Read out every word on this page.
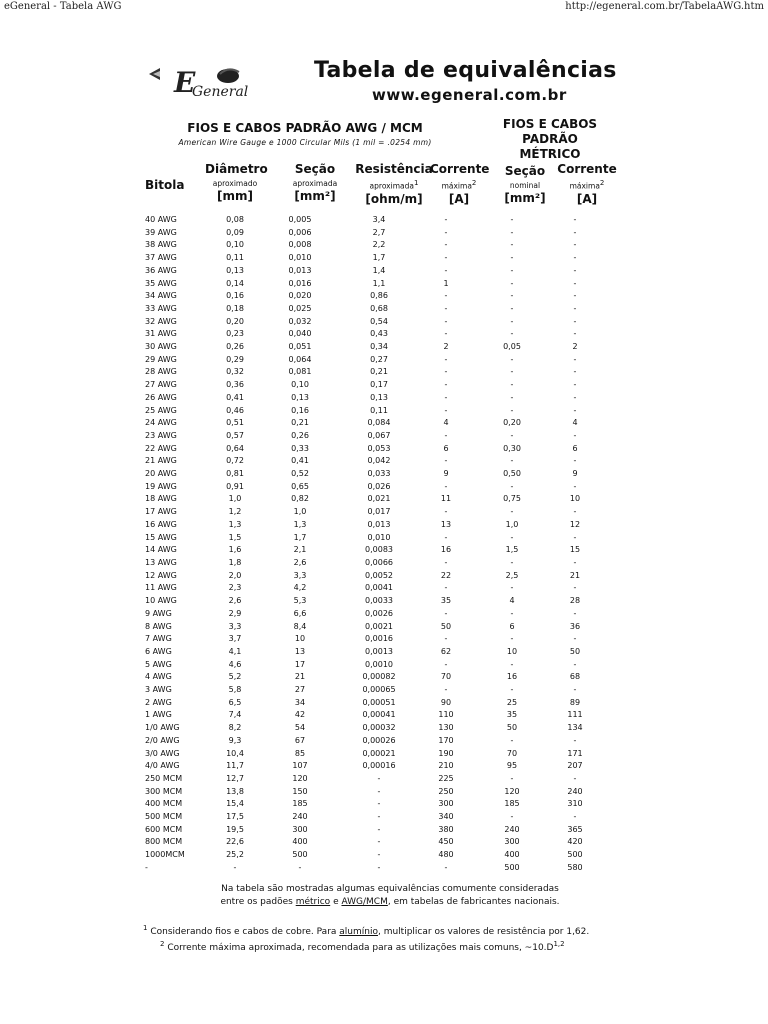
eGeneral - Tabela AWG	http://egeneral.com.br/TabelaAWG.htm
E
General
Tabela de equivalências
www.egeneral.com.br
FIOS E CABOS PADRÃO AWG / MCM
American Wire Gauge e 1000 Circular Mils (1 mil = .0254 mm)
FIOS E CABOS
PADRÃO MÉTRICO
Bitola
Diâmetro
aproximado
[mm]
Seção
aproximada
[mm²]
Resistência
aproximada$^1$
[ohm/m]
Corrente
máxima$^2$
[A]
Seção
nominal
[mm²]
Corrente
máxima$^2$
[A]
40 AWG	0,08	0,005	3,4	-	-	-
39 AWG	0,09	0,006	2,7	-	-	-
38 AWG	0,10	0,008	2,2	-	-	-
37 AWG	0,11	0,010	1,7	-	-	-
36 AWG	0,13	0,013	1,4	-	-	-
35 AWG	0,14	0,016	1,1	1	-	-
34 AWG	0,16	0,020	0,86	-	-	-
33 AWG	0,18	0,025	0,68	-	-	-
32 AWG	0,20	0,032	0,54	-	-	-
31 AWG	0,23	0,040	0,43	-	-	-
30 AWG	0,26	0,051	0,34	2	0,05	2
29 AWG	0,29	0,064	0,27	-	-	-
28 AWG	0,32	0,081	0,21	-	-	-
27 AWG	0,36	0,10	0,17	-	-	-
26 AWG	0,41	0,13	0,13	-	-	-
25 AWG	0,46	0,16	0,11	-	-	-
24 AWG	0,51	0,21	0,084	4	0,20	4
23 AWG	0,57	0,26	0,067	-	-	-
22 AWG	0,64	0,33	0,053	6	0,30	6
21 AWG	0,72	0,41	0,042	-	-	-
20 AWG	0,81	0,52	0,033	9	0,50	9
19 AWG	0,91	0,65	0,026	-	-	-
18 AWG	1,0	0,82	0,021	11	0,75	10
17 AWG	1,2	1,0	0,017	-	-	-
16 AWG	1,3	1,3	0,013	13	1,0	12
15 AWG	1,5	1,7	0,010	-	-	-
14 AWG	1,6	2,1	0,0083	16	1,5	15
13 AWG	1,8	2,6	0,0066	-	-	-
12 AWG	2,0	3,3	0,0052	22	2,5	21
11 AWG	2,3	4,2	0,0041	-	-	-
10 AWG	2,6	5,3	0,0033	35	4	28
9 AWG	2,9	6,6	0,0026	-	-	-
8 AWG	3,3	8,4	0,0021	50	6	36
7 AWG	3,7	10	0,0016	-	-	-
6 AWG	4,1	13	0,0013	62	10	50
5 AWG	4,6	17	0,0010	-	-	-
4 AWG	5,2	21	0,00082	70	16	68
3 AWG	5,8	27	0,00065	-	-	-
2 AWG	6,5	34	0,00051	90	25	89
1 AWG	7,4	42	0,00041	110	35	111
1/0 AWG	8,2	54	0,00032	130	50	134
2/0 AWG	9,3	67	0,00026	170	-	-
3/0 AWG	10,4	85	0,00021	190	70	171
4/0 AWG	11,7	107	0,00016	210	95	207
250 MCM	12,7	120	-	225	-	-
300 MCM	13,8	150	-	250	120	240
400 MCM	15,4	185	-	300	185	310
500 MCM	17,5	240	-	340	-	-
600 MCM	19,5	300	-	380	240	365
800 MCM	22,6	400	-	450	300	420
1000MCM	25,2	500	-	480	400	500
-	-	-	-	-	500	580
Na tabela são mostradas algumas equivalências comumente consideradas
entre os padões métrico e AWG/MCM, em tabelas de fabricantes nacionais.
$^1$ Considerando fios e cabos de cobre. Para alumínio, multiplicar os valores de resistência por 1,62.
$^2$ Corrente máxima aproximada, recomendada para as utilizações mais comuns, $\sim 10.D^{1,2}$
